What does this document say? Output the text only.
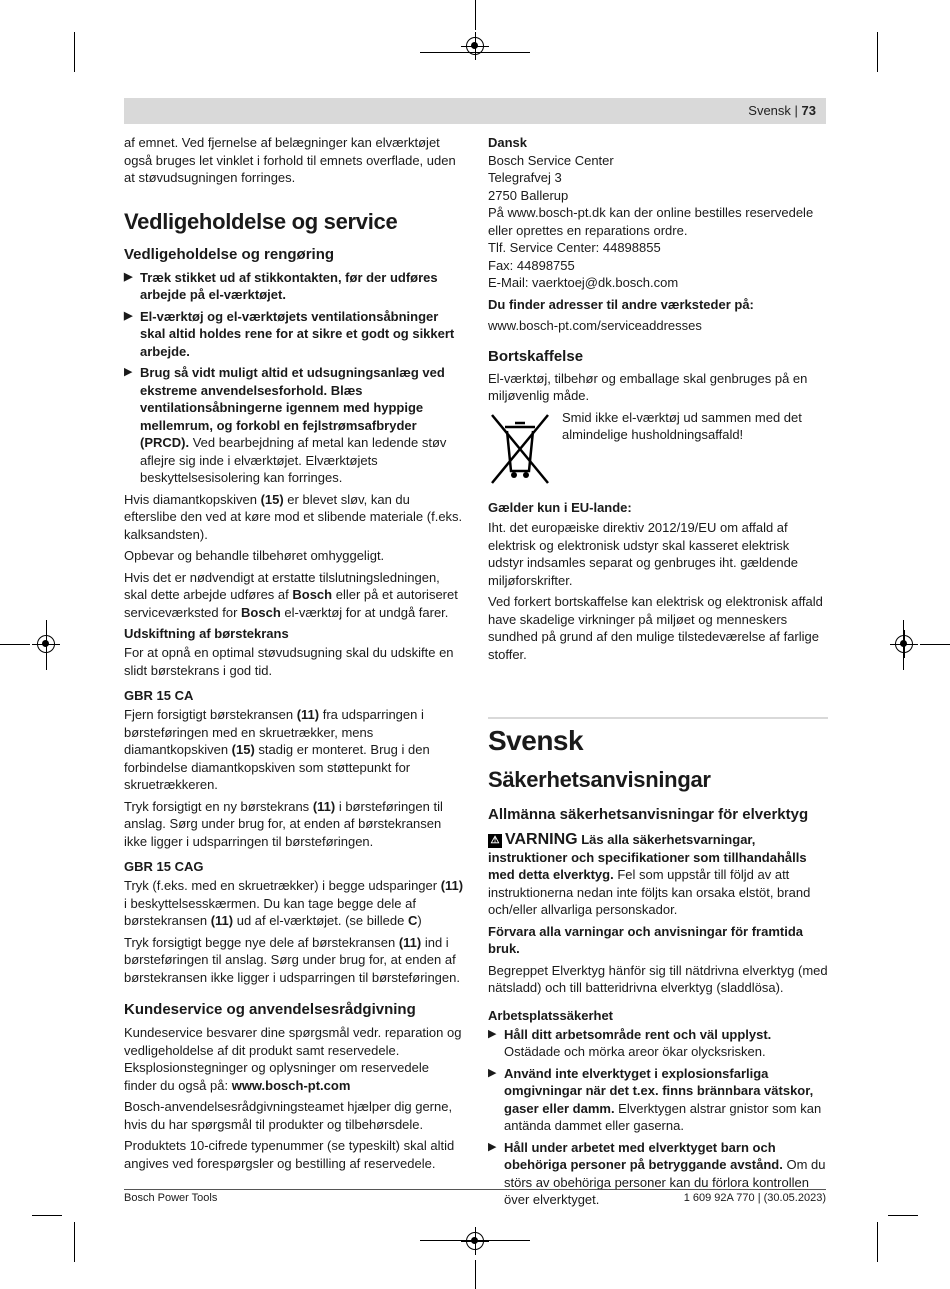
Svensk | 73

af emnet. Ved fjernelse af belægninger kan elværktøjet også bruges let vinklet i forhold til emnets overflade, uden at støvudsugningen forringes.

Vedligeholdelse og service
Vedligeholdelse og rengøring
▶ Træk stikket ud af stikkontakten, før der udføres arbejde på el-værktøjet.
▶ El-værktøj og el-værktøjets ventilationsåbninger skal altid holdes rene for at sikre et godt og sikkert arbejde.
▶ Brug så vidt muligt altid et udsugningsanlæg ved ekstreme anvendelsesforhold. Blæs ventilationsåbningerne igennem med hyppige mellemrum, og forkobl en fejlstrømsafbryder (PRCD). Ved bearbejdning af metal kan ledende støv aflejre sig inde i elværktøjet. Elværktøjets beskyttelsesisolering kan forringes.

Hvis diamantkopskiven (15) er blevet sløv, kan du efterslibe den ved at køre mod et slibende materiale (f.eks. kalksandsten).

Opbevar og behandle tilbehøret omhyggeligt.

Hvis det er nødvendigt at erstatte tilslutningsledningen, skal dette arbejde udføres af Bosch eller på et autoriseret serviceværksted for Bosch el-værktøj for at undgå farer.

Udskiftning af børstekrans

For at opnå en optimal støvudsugning skal du udskifte en slidt børstekrans i god tid.

GBR 15 CA

Fjern forsigtigt børstekransen (11) fra udsparringen i børsteføringen med en skruetrækker, mens diamantkopskiven (15) stadig er monteret. Brug i den forbindelse diamantkopskiven som støttepunkt for skruetrækkeren.

Tryk forsigtigt en ny børstekrans (11) i børsteføringen til anslag. Sørg under brug for, at enden af børstekransen ikke ligger i udsparringen til børsteføringen.

GBR 15 CAG

Tryk (f.eks. med en skruetrækker) i begge udsparinger (11) i beskyttelsesskærmen. Du kan tage begge dele af børstekransen (11) ud af el-værktøjet. (se billede C)

Tryk forsigtigt begge nye dele af børstekransen (11) ind i børsteføringen til anslag. Sørg under brug for, at enden af børstekransen ikke ligger i udsparringen til børsteføringen.

Kundeservice og anvendelsesrådgivning

Kundeservice besvarer dine spørgsmål vedr. reparation og vedligeholdelse af dit produkt samt reservedele. Eksplosionstegninger og oplysninger om reservedele finder du også på: www.bosch-pt.com

Bosch-anvendelsesrådgivningsteamet hjælper dig gerne, hvis du har spørgsmål til produkter og tilbehørsdele.

Produktets 10-cifrede typenummer (se typeskilt) skal altid angives ved forespørgsler og bestilling af reservedele.

Dansk
Bosch Service Center
Telegrafvej 3
2750 Ballerup
På www.bosch-pt.dk kan der online bestilles reservedele eller oprettes en reparations ordre.
Tlf. Service Center: 44898855
Fax: 44898755
E-Mail: vaerktoej@dk.bosch.com
Du finder adresser til andre værksteder på:
www.bosch-pt.com/serviceaddresses
Bortskaffelse

El-værktøj, tilbehør og emballage skal genbruges på en miljøvenlig måde.

Smid ikke el-værktøj ud sammen med det almindelige husholdningsaffald!
Gælder kun i EU-lande:

Iht. det europæiske direktiv 2012/19/EU om affald af elektrisk og elektronisk udstyr skal kasseret elektrisk udstyr indsamles separat og genbruges iht. gældende miljøforskrifter.

Ved forkert bortskaffelse kan elektrisk og elektronisk affald have skadelige virkninger på miljøet og menneskers sundhed på grund af den mulige tilstedeværelse af farlige stoffer.

Svensk
Säkerhetsanvisningar
Allmänna säkerhetsanvisningar för elverktyg
⚠ VARNING Läs alla säkerhetsvarningar, instruktioner och specifikationer som tillhandahålls med detta elverktyg. Fel som uppstår till följd av att instruktionerna nedan inte följts kan orsaka elstöt, brand och/eller allvarliga personskador.

Förvara alla varningar och anvisningar för framtida bruk.

Begreppet Elverktyg hänför sig till nätdrivna elverktyg (med nätsladd) och till batteridrivna elverktyg (sladdlösa).

Arbetsplatssäkerhet
▶ Håll ditt arbetsområde rent och väl upplyst. Ostädade och mörka areor ökar olycksrisken.
▶ Använd inte elverktyget i explosionsfarliga omgivningar när det t.ex. finns brännbara vätskor, gaser eller damm. Elverktygen alstrar gnistor som kan antända dammet eller gaserna.
▶ Håll under arbetet med elverktyget barn och obehöriga personer på betryggande avstånd. Om du störs av obehöriga personer kan du förlora kontrollen över elverktyget.
Bosch Power Tools	1 609 92A 770 | (30.05.2023)
